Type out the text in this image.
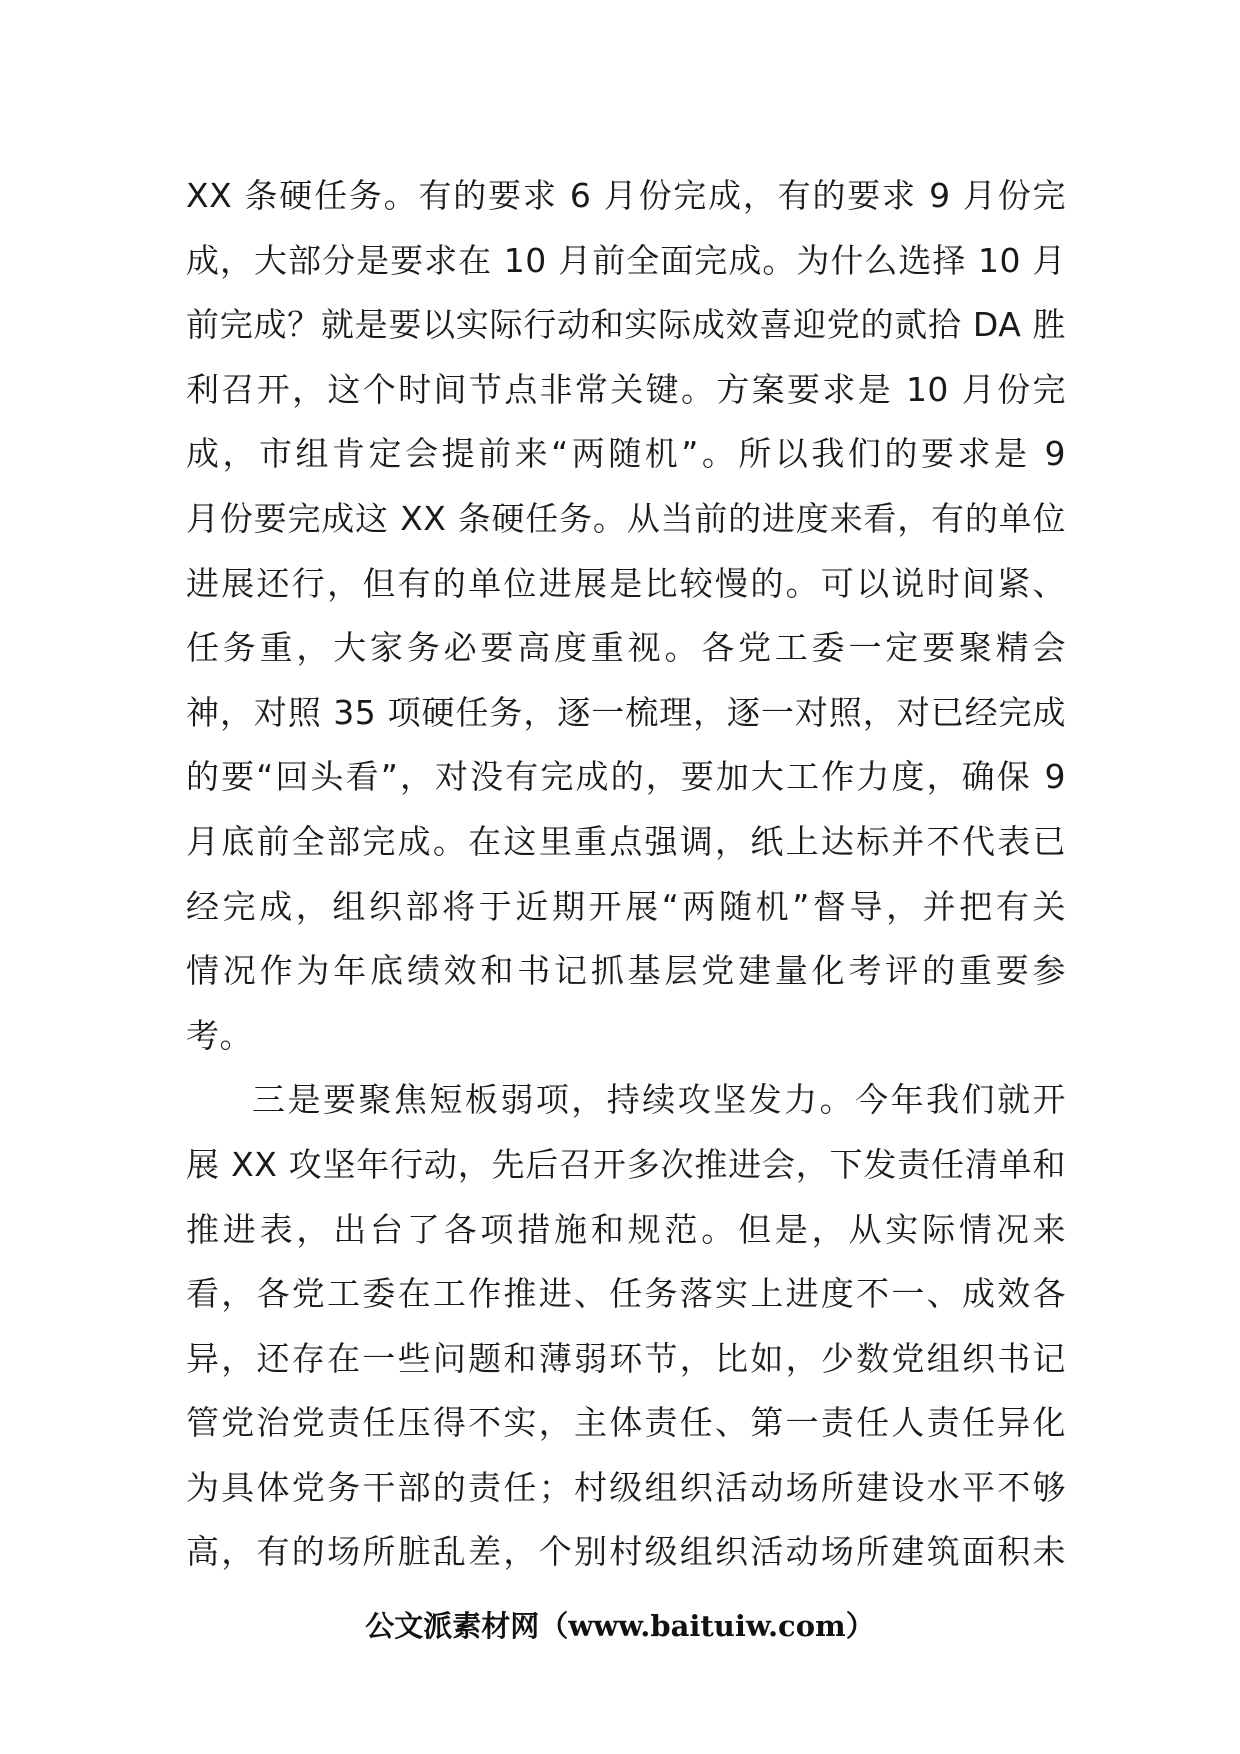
XX 条硬任务。有的要求 6 月份完成，有的要求 9 月份完
成，大部分是要求在 10 月前全面完成。为什么选择 10 月
前完成？就是要以实际行动和实际成效喜迎党的贰拾 DA 胜
利召开，这个时间节点非常关键。方案要求是 10 月份完
成，市组肯定会提前来“两随机”。所以我们的要求是 9
月份要完成这 XX 条硬任务。从当前的进度来看，有的单位
进展还行，但有的单位进展是比较慢的。可以说时间紧、
任务重，大家务必要高度重视。各党工委一定要聚精会
神，对照 35 项硬任务，逐一梳理，逐一对照，对已经完成
的要“回头看”，对没有完成的，要加大工作力度，确保 9
月底前全部完成。在这里重点强调，纸上达标并不代表已
经完成，组织部将于近期开展“两随机”督导，并把有关
情况作为年底绩效和书记抓基层党建量化考评的重要参
考。
三是要聚焦短板弱项，持续攻坚发力。今年我们就开
展 XX 攻坚年行动，先后召开多次推进会，下发责任清单和
推进表，出台了各项措施和规范。但是，从实际情况来
看，各党工委在工作推进、任务落实上进度不一、成效各
异，还存在一些问题和薄弱环节，比如，少数党组织书记
管党治党责任压得不实，主体责任、第一责任人责任异化
为具体党务干部的责任；村级组织活动场所建设水平不够
高，有的场所脏乱差，个别村级组织活动场所建筑面积未
公文派素材网（www.baituiw.com）
